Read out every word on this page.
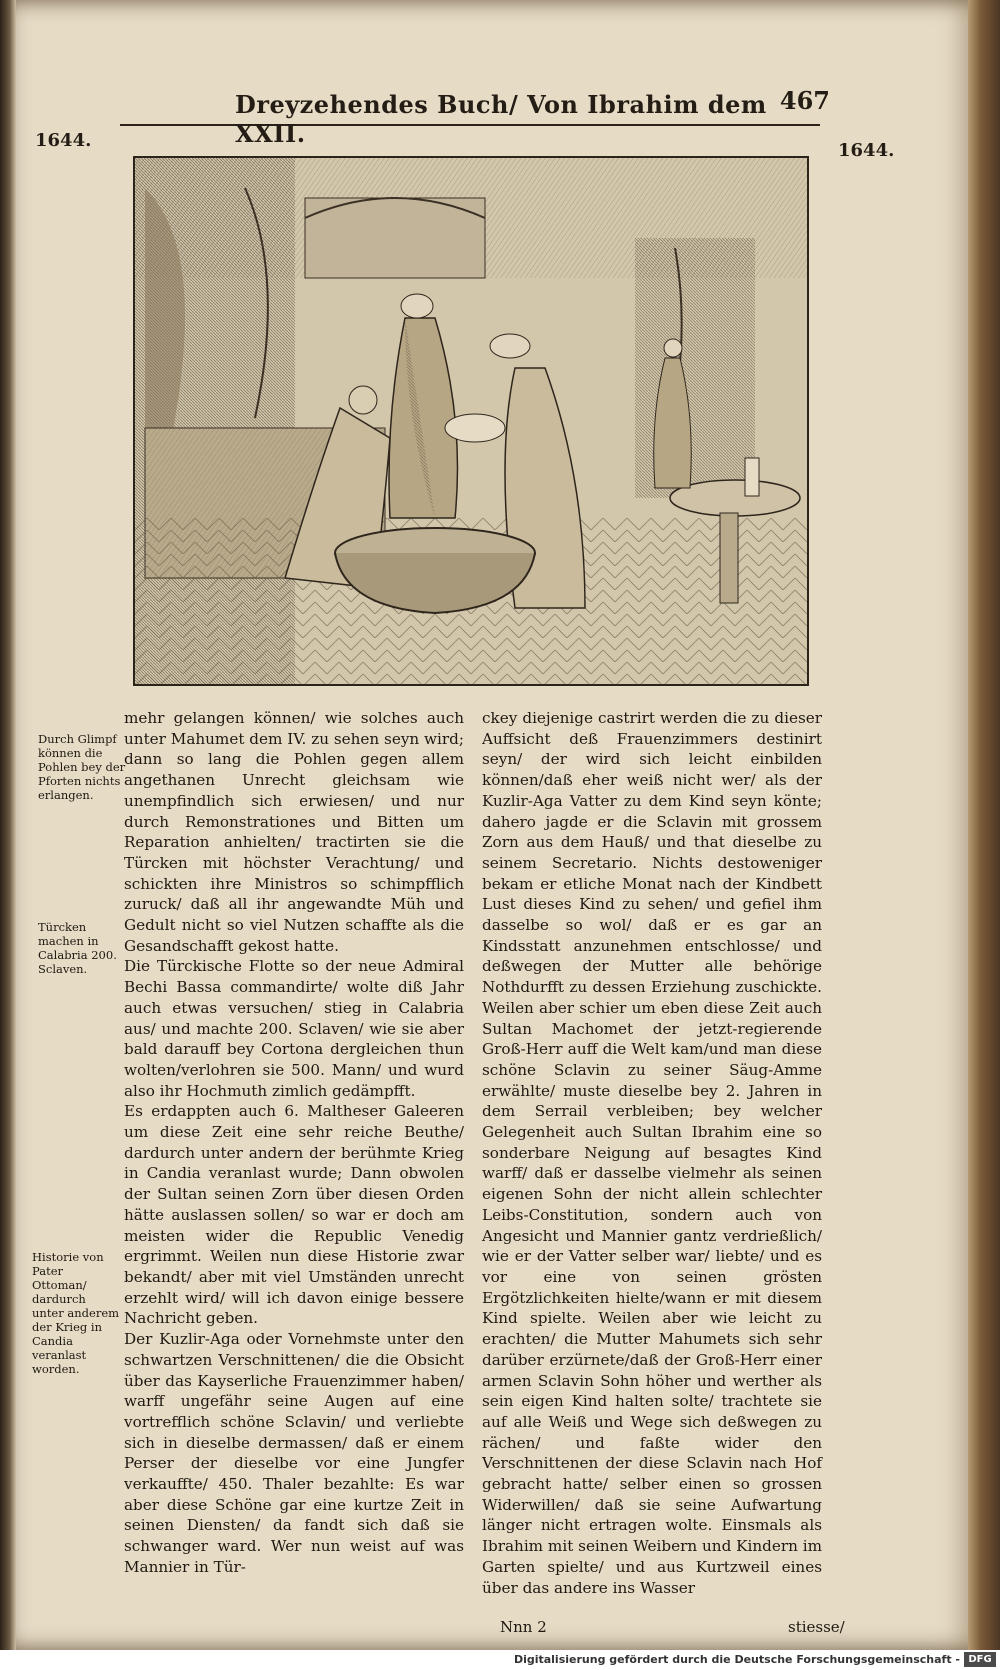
Dreyzehendes Buch/ Von Ibrahim dem XXII.
467
1644.	1644.
Durch Glimpf können die Pohlen bey der Pforten nichts erlangen.
Türcken machen in Calabria 200. Sclaven.
Historie von Pater Ottoman/ dardurch unter anderem der Krieg in Candia veranlast worden.

mehr gelangen können/ wie solches auch unter Mahumet dem IV. zu sehen seyn wird; dann so lang die Pohlen gegen allem angethanen Unrecht gleichsam wie unempfindlich sich erwiesen/ und nur durch Remonstrationes und Bitten um Reparation anhielten/ tractirten sie die Türcken mit höchster Verachtung/ und schickten ihre Ministros so schimpfflich zuruck/ daß all ihr angewandte Müh und Gedult nicht so viel Nutzen schaffte als die Gesandschafft gekost hatte.

Die Türckische Flotte so der neue Admiral Bechi Bassa commandirte/ wolte diß Jahr auch etwas versuchen/ stieg in Calabria aus/ und machte 200. Sclaven/ wie sie aber bald darauff bey Cortona dergleichen thun wolten/verlohren sie 500. Mann/ und wurd also ihr Hochmuth zimlich gedämpfft.

Es erdappten auch 6. Maltheser Galeeren um diese Zeit eine sehr reiche Beuthe/ dardurch unter andern der berühmte Krieg in Candia veranlast wurde; Dann obwolen der Sultan seinen Zorn über diesen Orden hätte auslassen sollen/ so war er doch am meisten wider die Republic Venedig ergrimmt. Weilen nun diese Historie zwar bekandt/ aber mit viel Umständen unrecht erzehlt wird/ will ich davon einige bessere Nachricht geben.

Der Kuzlir-Aga oder Vornehmste unter den schwartzen Verschnittenen/ die die Obsicht über das Kayserliche Frauenzimmer haben/ warff ungefähr seine Augen auf eine vortrefflich schöne Sclavin/ und verliebte sich in dieselbe dermassen/ daß er einem Perser der dieselbe vor eine Jungfer verkauffte/ 450. Thaler bezahlte: Es war aber diese Schöne gar eine kurtze Zeit in seinen Diensten/ da fandt sich daß sie schwanger ward. Wer nun weist auf was Mannier in Tür-

ckey diejenige castrirt werden die zu dieser Auffsicht deß Frauenzimmers destinirt seyn/ der wird sich leicht einbilden können/daß eher weiß nicht wer/ als der Kuzlir-Aga Vatter zu dem Kind seyn könte; dahero jagde er die Sclavin mit grossem Zorn aus dem Hauß/ und that dieselbe zu seinem Secretario. Nichts destoweniger bekam er etliche Monat nach der Kindbett Lust dieses Kind zu sehen/ und gefiel ihm dasselbe so wol/ daß er es gar an Kindsstatt anzunehmen entschlosse/ und deßwegen der Mutter alle behörige Nothdurfft zu dessen Erziehung zuschickte. Weilen aber schier um eben diese Zeit auch Sultan Machomet der jetzt-regierende Groß-Herr auff die Welt kam/und man diese schöne Sclavin zu seiner Säug-Amme erwählte/ muste dieselbe bey 2. Jahren in dem Serrail verbleiben; bey welcher Gelegenheit auch Sultan Ibrahim eine so sonderbare Neigung auf besagtes Kind warff/ daß er dasselbe vielmehr als seinen eigenen Sohn der nicht allein schlechter Leibs-Constitution, sondern auch von Angesicht und Mannier gantz verdrießlich/ wie er der Vatter selber war/ liebte/ und es vor eine von seinen grösten Ergötzlichkeiten hielte/wann er mit diesem Kind spielte. Weilen aber wie leicht zu erachten/ die Mutter Mahumets sich sehr darüber erzürnete/daß der Groß-Herr einer armen Sclavin Sohn höher und werther als sein eigen Kind halten solte/ trachtete sie auf alle Weiß und Wege sich deßwegen zu rächen/ und faßte wider den Verschnittenen der diese Sclavin nach Hof gebracht hatte/ selber einen so grossen Widerwillen/ daß sie seine Aufwartung länger nicht ertragen wolte. Einsmals als Ibrahim mit seinen Weibern und Kindern im Garten spielte/ und aus Kurtzweil eines über das andere ins Wasser

Nnn 2	stiesse/
Digitalisierung gefördert durch die Deutsche Forschungsgemeinschaft - DFG
